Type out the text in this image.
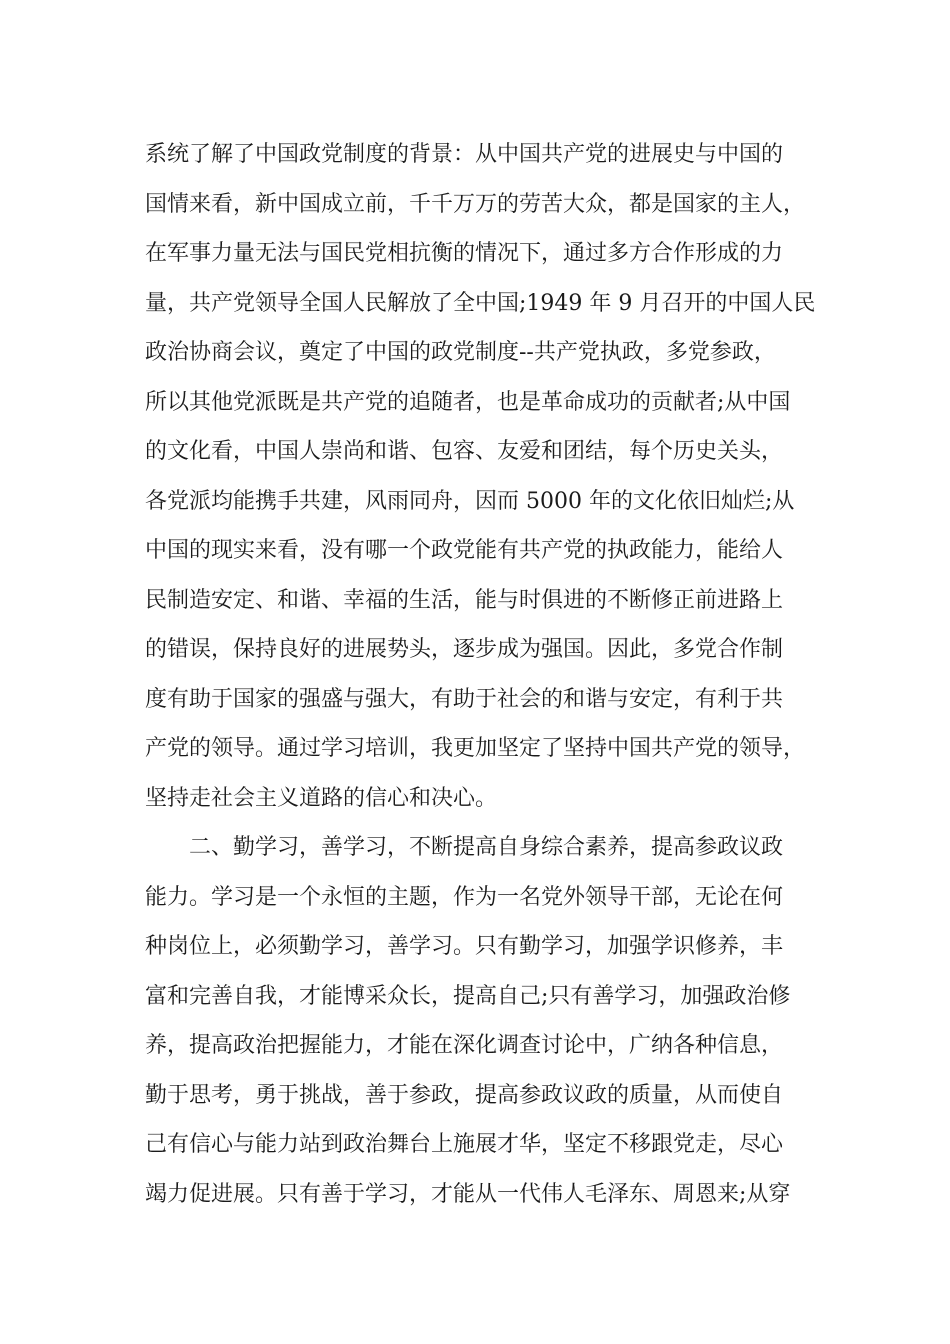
系统了解了中国政党制度的背景：从中国共产党的进展史与中国的
国情来看，新中国成立前，千千万万的劳苦大众，都是国家的主人，
在军事力量无法与国民党相抗衡的情况下，通过多方合作形成的力
量，共产党领导全国人民解放了全中国;1949 年 9 月召开的中国人民
政治协商会议，奠定了中国的政党制度--共产党执政，多党参政，
所以其他党派既是共产党的追随者，也是革命成功的贡献者;从中国
的文化看，中国人崇尚和谐、包容、友爱和团结，每个历史关头，
各党派均能携手共建，风雨同舟，因而 5000 年的文化依旧灿烂;从
中国的现实来看，没有哪一个政党能有共产党的执政能力，能给人
民制造安定、和谐、幸福的生活，能与时俱进的不断修正前进路上
的错误，保持良好的进展势头，逐步成为强国。因此，多党合作制
度有助于国家的强盛与强大，有助于社会的和谐与安定，有利于共
产党的领导。通过学习培训，我更加坚定了坚持中国共产党的领导，
坚持走社会主义道路的信心和决心。
二、勤学习，善学习，不断提高自身综合素养，提高参政议政
能力。学习是一个永恒的主题，作为一名党外领导干部，无论在何
种岗位上，必须勤学习，善学习。只有勤学习，加强学识修养，丰
富和完善自我，才能博采众长，提高自己;只有善学习，加强政治修
养，提高政治把握能力，才能在深化调查讨论中，广纳各种信息，
勤于思考，勇于挑战，善于参政，提高参政议政的质量，从而使自
己有信心与能力站到政治舞台上施展才华，坚定不移跟党走，尽心
竭力促进展。只有善于学习，才能从一代伟人毛泽东、周恩来;从穿
